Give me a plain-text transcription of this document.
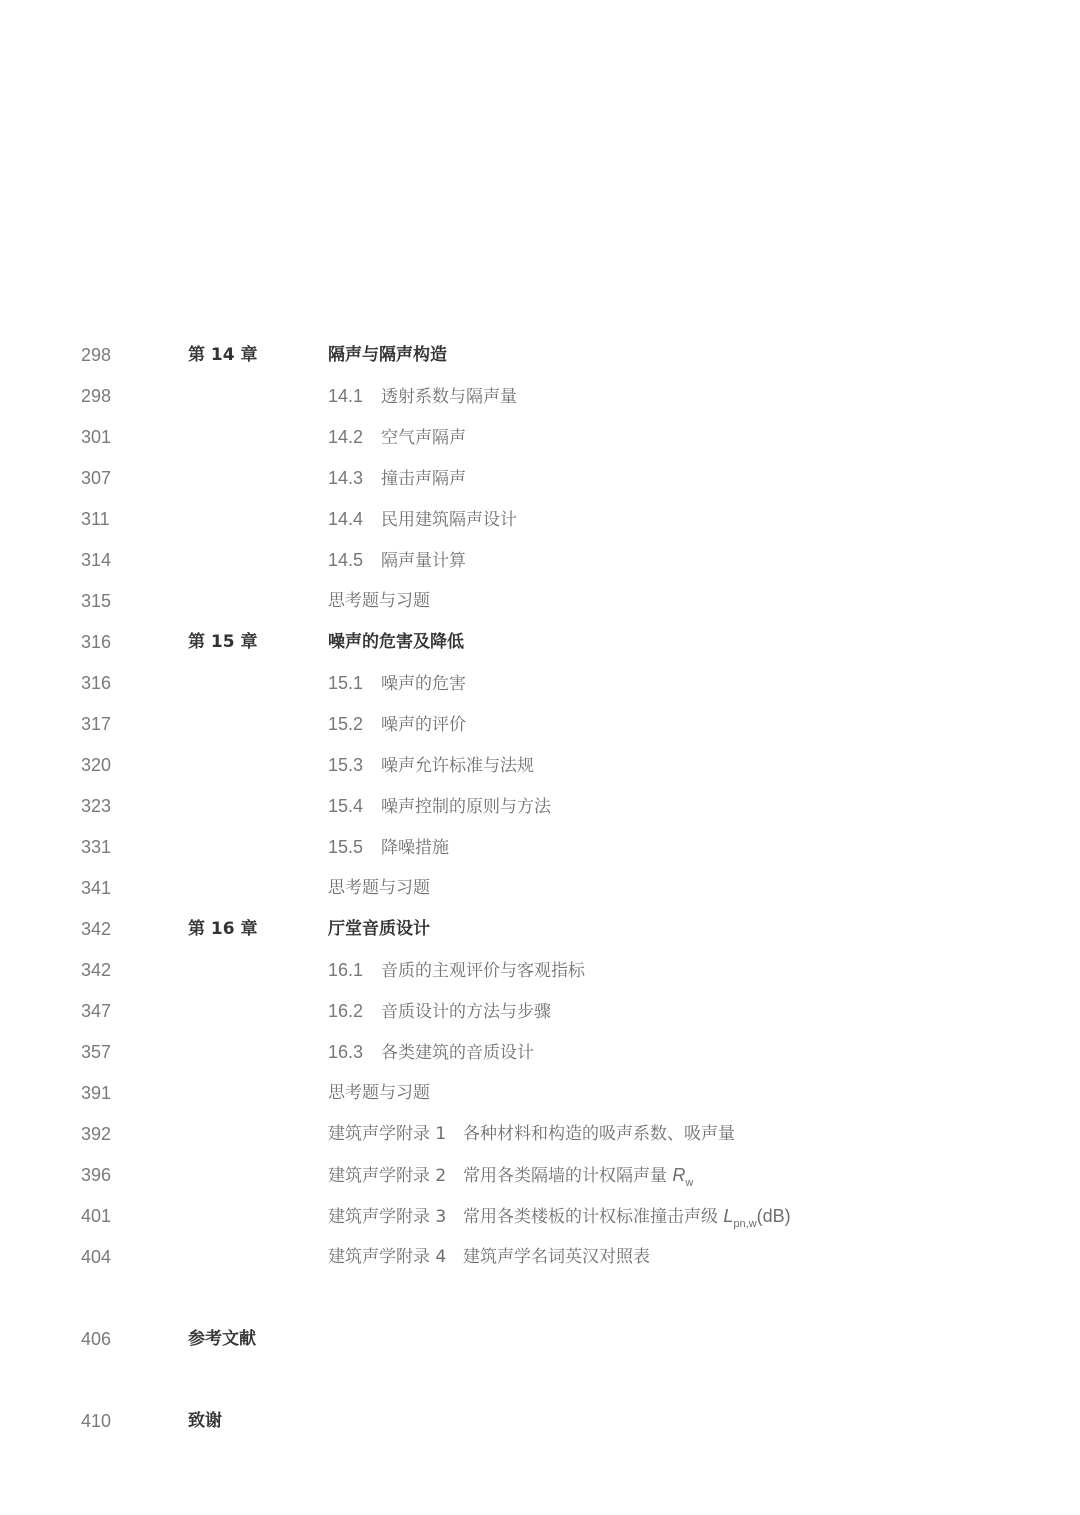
298	第 14 章	隔声与隔声构造
298	14.1 透射系数与隔声量
301	14.2 空气声隔声
307	14.3 撞击声隔声
311	14.4 民用建筑隔声设计
314	14.5 隔声量计算
315	思考题与习题
316	第 15 章	噪声的危害及降低
316	15.1 噪声的危害
317	15.2 噪声的评价
320	15.3 噪声允许标准与法规
323	15.4 噪声控制的原则与方法
331	15.5 降噪措施
341	思考题与习题
342	第 16 章	厅堂音质设计
342	16.1 音质的主观评价与客观指标
347	16.2 音质设计的方法与步骤
357	16.3 各类建筑的音质设计
391	思考题与习题
392	建筑声学附录 1 各种材料和构造的吸声系数、吸声量
396	建筑声学附录 2 常用各类隔墙的计权隔声量 $R_w$
401	建筑声学附录 3 常用各类楼板的计权标准撞击声级 $L_{pn,w}(dB)$
404	建筑声学附录 4 建筑声学名词英汉对照表
406	参考文献
410	致谢
